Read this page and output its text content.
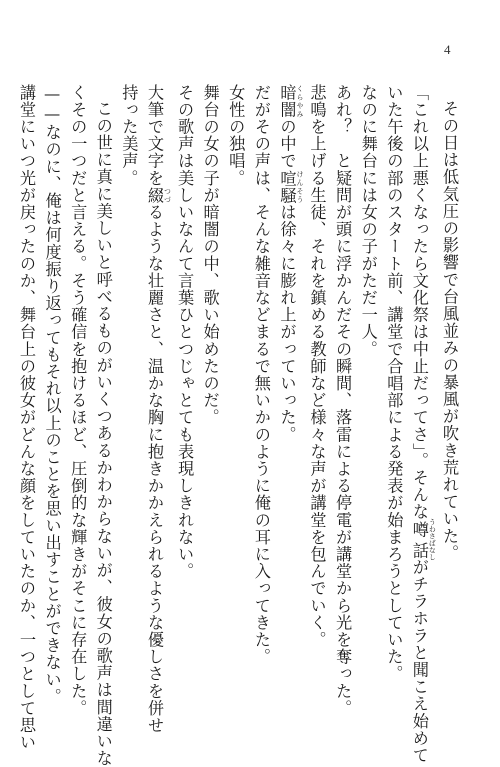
4
その日は低気圧の影響で台風並みの暴風が吹き荒れていた。
「これ以上悪くなったら文化祭は中止だってさ」。そんな噂話 うわさばなしがチラホラと聞こえ始めて
いた午後の部のスタート前、講堂で合唱部による発表が始まろうとしていた。
なのに舞台には女の子がただ一人。
あれ？　と疑問が頭に浮かんだその瞬間、落雷による停電が講堂から光を奪った。
悲鳴を上げる生徒、それを鎮める教師など様々な声が講堂を包んでいく。
暗闇 くらやみの中で喧騒 けんそうは徐々に膨れ上がっていった。
だがその声は、そんな雑音などまるで無いかのように俺の耳に入ってきた。
女性の独唱。
舞台の女の子が暗闇の中、歌い始めたのだ。
その歌声は美しいなんて言葉ひとつじゃとても表現しきれない。
大筆で文字を綴 つづるような壮麗さと、温かな胸に抱きかかえられるような優しさを併せ
持った美声。
この世に真に美しいと呼べるものがいくつあるかわからないが、彼女の歌声は間違いな
くその一つだと言える。そう確信を抱けるほど、圧倒的な輝きがそこに存在した。
——なのに、俺は何度振り返ってもそれ以上のことを思い出すことができない。
講堂にいつ光が戻ったのか、舞台上の彼女がどんな顔をしていたのか、一つとして思い
